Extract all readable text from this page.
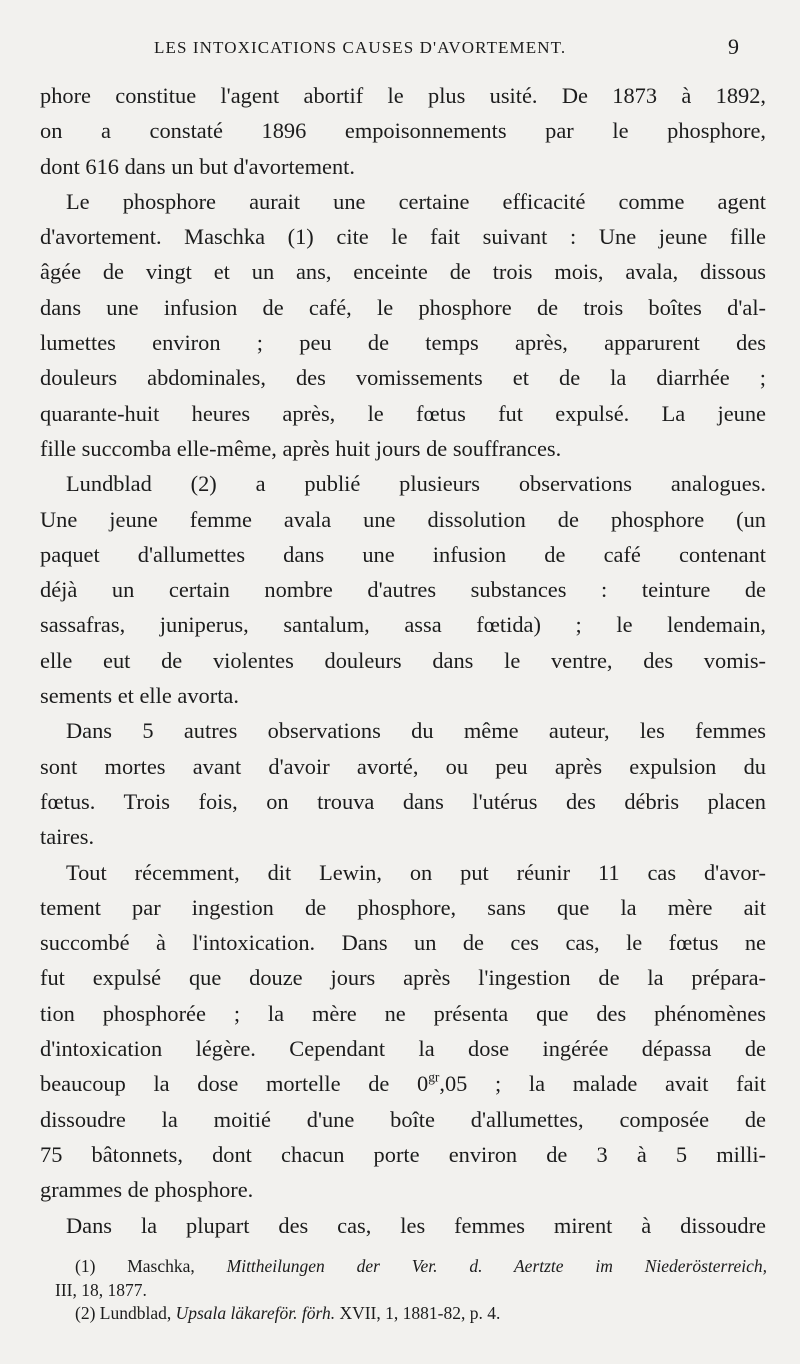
LES INTOXICATIONS CAUSES D'AVORTEMENT.	9
phore constitue l'agent abortif le plus usité. De 1873 à 1892,
on a constaté 1896 empoisonnements par le phosphore,
dont 616 dans un but d'avortement.
Le phosphore aurait une certaine efficacité comme agent
d'avortement. Maschka (1) cite le fait suivant : Une jeune fille
âgée de vingt et un ans, enceinte de trois mois, avala, dissous
dans une infusion de café, le phosphore de trois boîtes d'al-
lumettes environ ; peu de temps après, apparurent des
douleurs abdominales, des vomissements et de la diarrhée ;
quarante-huit heures après, le fœtus fut expulsé. La jeune
fille succomba elle-même, après huit jours de souffrances.
Lundblad (2) a publié plusieurs observations analogues.
Une jeune femme avala une dissolution de phosphore (un
paquet d'allumettes dans une infusion de café contenant
déjà un certain nombre d'autres substances : teinture de
sassafras, juniperus, santalum, assa fœtida) ; le lendemain,
elle eut de violentes douleurs dans le ventre, des vomis-
sements et elle avorta.
Dans 5 autres observations du même auteur, les femmes
sont mortes avant d'avoir avorté, ou peu après expulsion du
fœtus. Trois fois, on trouva dans l'utérus des débris placen
taires.
Tout récemment, dit Lewin, on put réunir 11 cas d'avor-
tement par ingestion de phosphore, sans que la mère ait
succombé à l'intoxication. Dans un de ces cas, le fœtus ne
fut expulsé que douze jours après l'ingestion de la prépara-
tion phosphorée ; la mère ne présenta que des phénomènes
d'intoxication légère. Cependant la dose ingérée dépassa de
beaucoup la dose mortelle de $0^{gr},05$ ; la malade avait fait
dissoudre la moitié d'une boîte d'allumettes, composée de
75 bâtonnets, dont chacun porte environ de 3 à 5 milli-
grammes de phosphore.
Dans la plupart des cas, les femmes mirent à dissoudre
(1) Maschka, Mittheilungen der Ver. d. Aertzte im Niederösterreich,
III, 18, 1877.
(2) Lundblad, Upsala läkareför. förh. XVII, 1, 1881-82, p. 4.
